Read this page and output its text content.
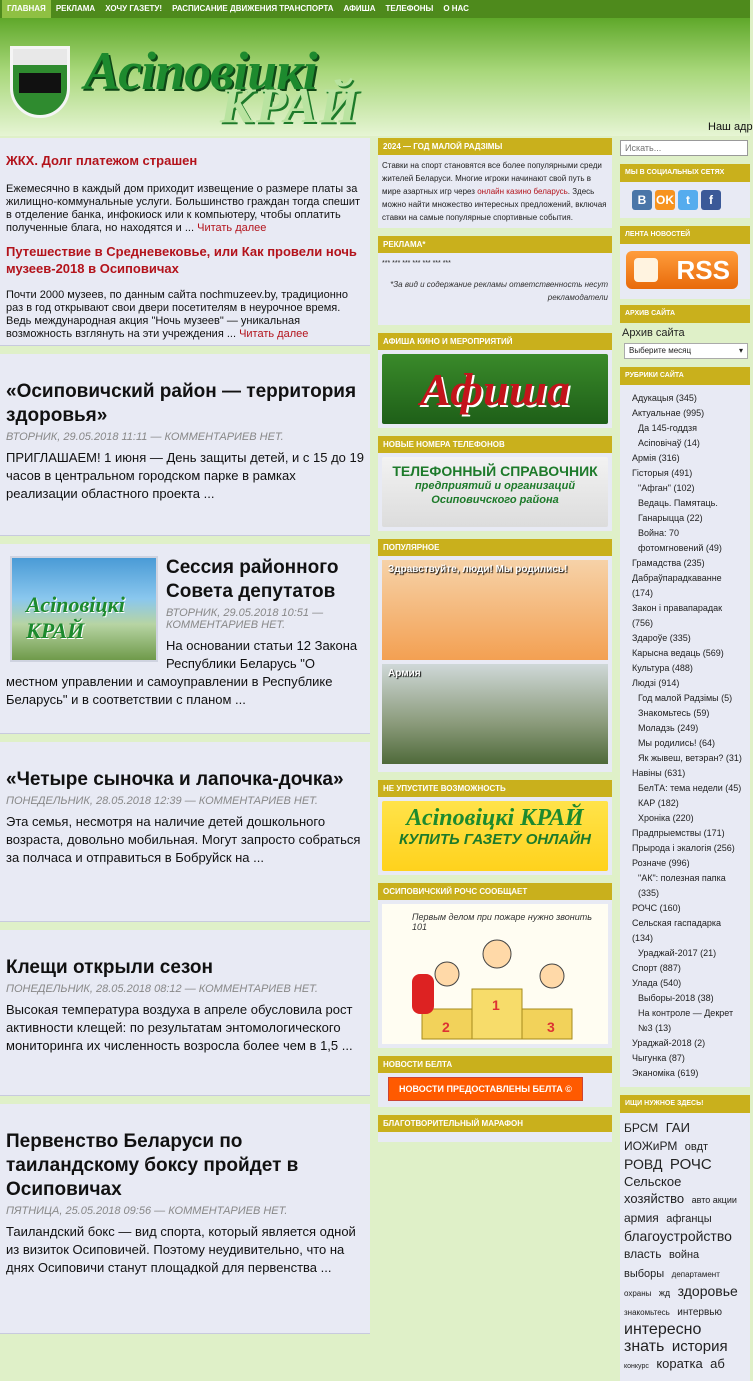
ГЛАВНАЯ	РЕКЛАМА	ХОЧУ ГАЗЕТУ!	РАСПИСАНИЕ ДВИЖЕНИЯ ТРАНСПОРТА	АФИША	ТЕЛЕФОНЫ	О НАС
Асіповіцкі
КРАЙ	Наш адр
ЖКХ. Долг платежом страшен
Ежемесячно в каждый дом приходит извещение о размере платы за жилищно-коммунальные услуги. Большинство граждан тогда спешит в отделение банка, инфокиоск или к компьютеру, чтобы оплатить полученные блага, но находятся и ... Читать далее
Путешествие в Средневековье, или Как провели ночь музеев-2018 в Осиповичах
Почти 2000 музеев, по данным сайта nochmuzeev.by, традиционно раз в год открывают свои двери посетителям в неурочное время. Ведь международная акция "Ночь музеев" — уникальная возможность взглянуть на эти учреждения ... Читать далее
«Осиповичский район — территория здоровья»
ВТОРНИК, 29.05.2018 11:11 — КОММЕНТАРИЕВ НЕТ.
ПРИГЛАШАЕМ! 1 июня — День защиты детей, и с 15 до 19 часов в центральном городском парке в рамках реализации областного проекта ...
Асіповіцкі КРАЙ
Сессия районного Совета депутатов
ВТОРНИК, 29.05.2018 10:51 — КОММЕНТАРИЕВ НЕТ.
На основании статьи 12 Закона Республики Беларусь "О местном управлении и самоуправлении в Республике Беларусь" и в соответствии с планом ...
«Четыре сыночка и лапочка-дочка»
ПОНЕДЕЛЬНИК, 28.05.2018 12:39 — КОММЕНТАРИЕВ НЕТ.
Эта семья, несмотря на наличие детей дошкольного возраста, довольно мобильная. Могут запросто собраться за полчаса и отправиться в Бобруйск на ...
Клещи открыли сезон
ПОНЕДЕЛЬНИК, 28.05.2018 08:12 — КОММЕНТАРИЕВ НЕТ.
Высокая температура воздуха в апреле обусловила рост активности клещей: по результатам энтомологического мониторинга их численность возросла более чем в 1,5 ...
Первенство Беларуси по таиландскому боксу пройдет в Осиповичах
ПЯТНИЦА, 25.05.2018 09:56 — КОММЕНТАРИЕВ НЕТ.
Таиландский бокс — вид спорта, который является одной из визиток Осиповичей. Поэтому неудивительно, что на днях Осиповичи станут площадкой для первенства ...
2024 — ГОД МАЛОЙ РАДЗІМЫ
Ставки на спорт становятся все более популярными среди жителей Беларуси. Многие игроки начинают свой путь в мире азартных игр через онлайн казино беларусь. Здесь можно найти множество интересных предложений, включая ставки на самые популярные спортивные события.
РЕКЛАМА*
*** *** *** *** *** *** ***
*За вид и содержание рекламы ответственность несут рекламодатели
АФИША КИНО И МЕРОПРИЯТИЙ
Афиша
НОВЫЕ НОМЕРА ТЕЛЕФОНОВ
ТЕЛЕФОННЫЙ СПРАВОЧНИК
предприятий и организаций
Осиповичского района
ПОПУЛЯРНОЕ
Здравствуйте, люди! Мы родились!
Армия
НЕ УПУСТИТЕ ВОЗМОЖНОСТЬ
Асіповіцкі КРАЙ
КУПИТЬ ГАЗЕТУ ОНЛАЙН
ОСИПОВИЧСКИЙ РОЧС СООБЩАЕТ
1
2	3
Первым делом при пожаре нужно звонить 101
НОВОСТИ БЕЛТА
НОВОСТИ ПРЕДОСТАВЛЕНЫ БЕЛТА ©
БЛАГОТВОРИТЕЛЬНЫЙ МАРАФОН
Искать...
МЫ В СОЦИАЛЬНЫХ СЕТЯХ
B OK	t	f
ЛЕНТА НОВОСТЕЙ
RSS
АРХИВ САЙТА
Архив сайта
Выберите месяц	▾
РУБРИКИ САЙТА
Адукацыя (345)
Актуальнае (995)
Да 145-годдзя
Асіповічаў (14)
Армія (316)
Гісторыя (491)
"Афган" (102)
Ведаць. Памятаць.
Ганарыцца (22)
Война: 70
фотомгновений (49)
Грамадства (235)
Дабраўпарадкаванне
(174)
Закон і правапарадак
(756)
Здароўе (335)
Карысна ведаць (569)
Культура (488)
Людзі (914)
Год малой Радзімы (5)
Знакомьтесь (59)
Моладзь (249)
Мы родились! (64)
Як жывеш, ветэран? (31)
Навіны (631)
БелТА: тема недели (45)
КАР (182)
Хроніка (220)
Прадпрыемствы (171)
Прырода і экалогія (256)
Розначе (996)
"АК": полезная папка
(335)
РОЧС (160)
Сельская гаспадарка
(134)
Ураджай-2017 (21)
Спорт (887)
Улада (540)
Выборы-2018 (38)
На контроле — Декрет
№3 (13)
Ураджай-2018 (2)
Чыгунка (87)
Эканоміка (619)
ИЩИ НУЖНОЕ ЗДЕСЬ!
БРСМ ГАИ ИОЖиРМ овдт РОВД РОЧС Сельское хозяйство авто акции армия афганцы благоустройство власть война выборы департамент охраны жд здоровье знакомьтесь интервью интересно знать история конкурс коратка аб
